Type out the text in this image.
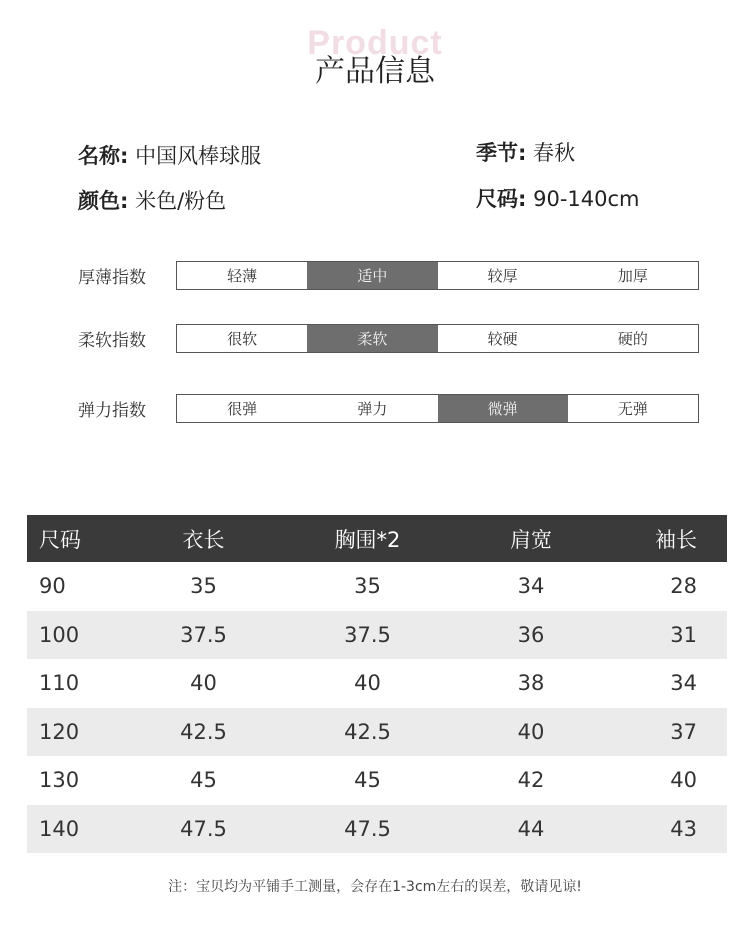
Product
产品信息
名称: 中国风棒球服	季节: 春秋
颜色: 米色/粉色	尺码: 90-140cm
厚薄指数	轻薄	适中	较厚	加厚
柔软指数	很软	柔软	较硬	硬的
弹力指数	很弹	弹力	微弹	无弹
尺码	衣长	胸围*2	肩宽	袖长
90	35	35	34	28
100	37.5	37.5	36	31
110	40	40	38	34
120	42.5	42.5	40	37
130	45	45	42	40
140	47.5	47.5	44	43
注：宝贝均为平铺手工测量，会存在1-3cm左右的误差，敬请见谅!
